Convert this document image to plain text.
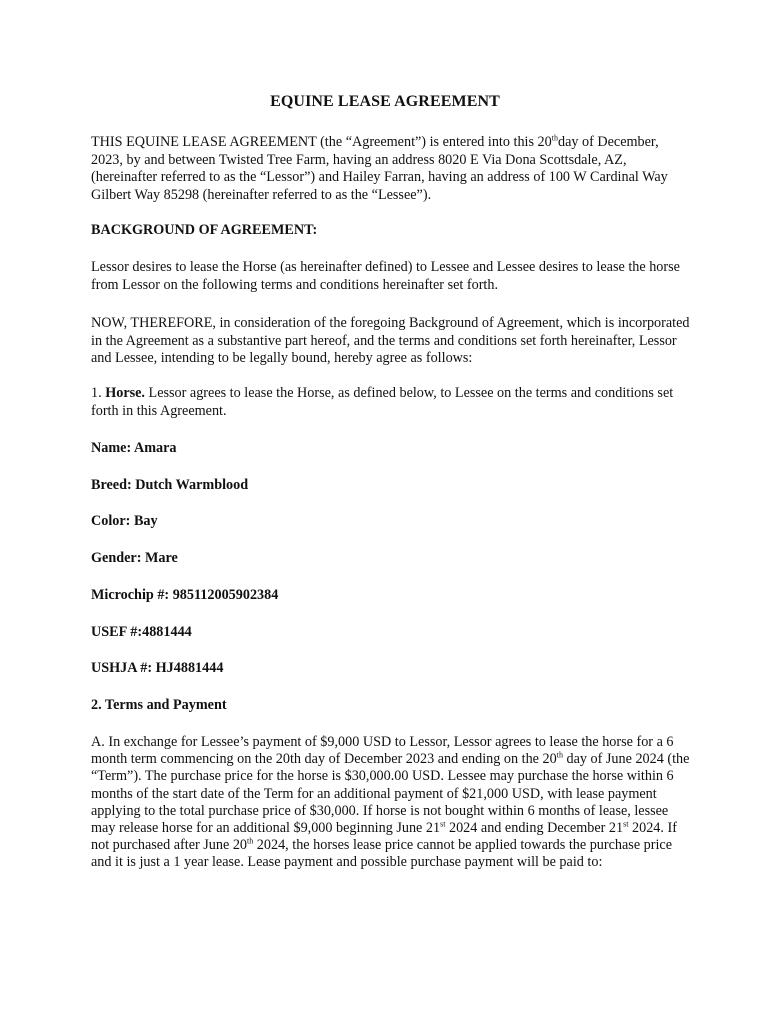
EQUINE LEASE AGREEMENT
THIS EQUINE LEASE AGREEMENT (the “Agreement”) is entered into this 20thday of December, 2023, by and between Twisted Tree Farm, having an address 8020 E Via Dona Scottsdale, AZ, (hereinafter referred to as the “Lessor”) and Hailey Farran, having an address of 100 W Cardinal Way Gilbert Way 85298 (hereinafter referred to as the “Lessee”).
BACKGROUND OF AGREEMENT:
Lessor desires to lease the Horse (as hereinafter defined) to Lessee and Lessee desires to lease the horse from Lessor on the following terms and conditions hereinafter set forth.
NOW, THEREFORE, in consideration of the foregoing Background of Agreement, which is incorporated in the Agreement as a substantive part hereof, and the terms and conditions set forth hereinafter, Lessor and Lessee, intending to be legally bound, hereby agree as follows:
1. Horse. Lessor agrees to lease the Horse, as defined below, to Lessee on the terms and conditions set forth in this Agreement.
Name: Amara
Breed: Dutch Warmblood
Color: Bay
Gender: Mare
Microchip #: 985112005902384
USEF #:4881444
USHJA #: HJ4881444
2. Terms and Payment
A. In exchange for Lessee’s payment of $9,000 USD to Lessor, Lessor agrees to lease the horse for a 6 month term commencing on the 20th day of December 2023 and ending on the 20th day of June 2024 (the “Term”). The purchase price for the horse is $30,000.00 USD. Lessee may purchase the horse within 6 months of the start date of the Term for an additional payment of $21,000 USD, with lease payment applying to the total purchase price of $30,000. If horse is not bought within 6 months of lease, lessee may release horse for an additional $9,000 beginning June 21st 2024 and ending December 21st 2024. If not purchased after June 20th 2024, the horses lease price cannot be applied towards the purchase price and it is just a 1 year lease. Lease payment and possible purchase payment will be paid to:
